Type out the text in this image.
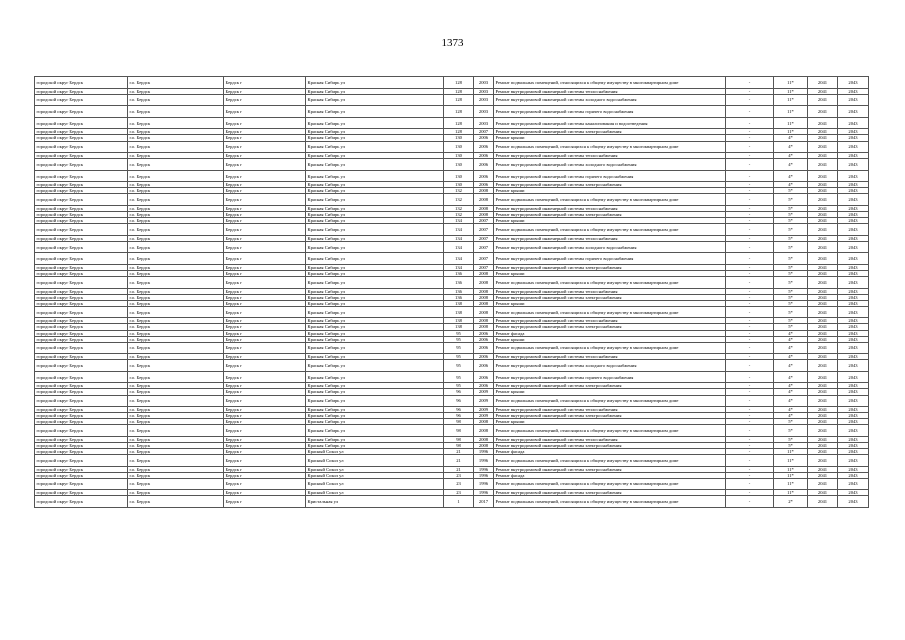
1373
городской округ Бердск	г.о. Бердск	Бердск г	Красная Сибирь ул	128	2003	Ремонт подвальных помещений, относящихся к общему имуществу в многоквартирном доме	-	11*	2041	2043
городской округ Бердск	г.о. Бердск	Бердск г	Красная Сибирь ул	128	2003	Ремонт внутридомовой инженерной системы теплоснабжения	-	11*	2041	2043
городской округ Бердск	г.о. Бердск	Бердск г	Красная Сибирь ул	128	2003	Ремонт внутридомовой инженерной системы холодного водоснабжения	-	11*	2041	2043
городской округ Бердск	г.о. Бердск	Бердск г	Красная Сибирь ул	128	2003	Ремонт внутридомовой инженерной системы горячего водоснабжения	-	11*	2041	2043
городской округ Бердск	г.о. Бердск	Бердск г	Красная Сибирь ул	128	2003	Ремонт внутридомовой инженерной системы канализования и водоотведения	-	11*	2041	2043
городской округ Бердск	г.о. Бердск	Бердск г	Красная Сибирь ул	128	2007	Ремонт внутридомовой инженерной системы электроснабжения	-	11*	2041	2043
городской округ Бердск	г.о. Бердск	Бердск г	Красная Сибирь ул	130	2006	Ремонт крыши	-	4*	2041	2043
городской округ Бердск	г.о. Бердск	Бердск г	Красная Сибирь ул	130	2006	Ремонт подвальных помещений, относящихся к общему имуществу в многоквартирном доме	-	4*	2041	2043
городской округ Бердск	г.о. Бердск	Бердск г	Красная Сибирь ул	130	2006	Ремонт внутридомовой инженерной системы теплоснабжения	-	4*	2041	2043
городской округ Бердск	г.о. Бердск	Бердск г	Красная Сибирь ул	130	2006	Ремонт внутридомовой инженерной системы холодного водоснабжения	-	4*	2041	2043
городской округ Бердск	г.о. Бердск	Бердск г	Красная Сибирь ул	130	2006	Ремонт внутридомовой инженерной системы горячего водоснабжения	-	4*	2041	2043
городской округ Бердск	г.о. Бердск	Бердск г	Красная Сибирь ул	130	2006	Ремонт внутридомовой инженерной системы электроснабжения	-	4*	2041	2043
городской округ Бердск	г.о. Бердск	Бердск г	Красная Сибирь ул	132	2008	Ремонт крыши	-	5*	2041	2043
городской округ Бердск	г.о. Бердск	Бердск г	Красная Сибирь ул	132	2008	Ремонт подвальных помещений, относящихся к общему имуществу в многоквартирном доме	-	5*	2041	2043
городской округ Бердск	г.о. Бердск	Бердск г	Красная Сибирь ул	132	2008	Ремонт внутридомовой инженерной системы теплоснабжения	-	5*	2041	2043
городской округ Бердск	г.о. Бердск	Бердск г	Красная Сибирь ул	132	2008	Ремонт внутридомовой инженерной системы электроснабжения	-	5*	2041	2043
городской округ Бердск	г.о. Бердск	Бердск г	Красная Сибирь ул	134	2007	Ремонт крыши	-	5*	2041	2043
городской округ Бердск	г.о. Бердск	Бердск г	Красная Сибирь ул	134	2007	Ремонт подвальных помещений, относящихся к общему имуществу в многоквартирном доме	-	5*	2041	2043
городской округ Бердск	г.о. Бердск	Бердск г	Красная Сибирь ул	134	2007	Ремонт внутридомовой инженерной системы теплоснабжения	-	5*	2041	2043
городской округ Бердск	г.о. Бердск	Бердск г	Красная Сибирь ул	134	2007	Ремонт внутридомовой инженерной системы холодного водоснабжения	-	5*	2041	2043
городской округ Бердск	г.о. Бердск	Бердск г	Красная Сибирь ул	134	2007	Ремонт внутридомовой инженерной системы горячего водоснабжения	-	5*	2041	2043
городской округ Бердск	г.о. Бердск	Бердск г	Красная Сибирь ул	134	2007	Ремонт внутридомовой инженерной системы электроснабжения	-	5*	2041	2043
городской округ Бердск	г.о. Бердск	Бердск г	Красная Сибирь ул	136	2008	Ремонт крыши	-	5*	2041	2043
городской округ Бердск	г.о. Бердск	Бердск г	Красная Сибирь ул	136	2008	Ремонт подвальных помещений, относящихся к общему имуществу в многоквартирном доме	-	5*	2041	2043
городской округ Бердск	г.о. Бердск	Бердск г	Красная Сибирь ул	136	2008	Ремонт внутридомовой инженерной системы теплоснабжения	-	5*	2041	2043
городской округ Бердск	г.о. Бердск	Бердск г	Красная Сибирь ул	136	2008	Ремонт внутридомовой инженерной системы электроснабжения	-	5*	2041	2043
городской округ Бердск	г.о. Бердск	Бердск г	Красная Сибирь ул	138	2008	Ремонт крыши	-	5*	2041	2043
городской округ Бердск	г.о. Бердск	Бердск г	Красная Сибирь ул	138	2008	Ремонт подвальных помещений, относящихся к общему имуществу в многоквартирном доме	-	5*	2041	2043
городской округ Бердск	г.о. Бердск	Бердск г	Красная Сибирь ул	138	2008	Ремонт внутридомовой инженерной системы теплоснабжения	-	5*	2041	2043
городской округ Бердск	г.о. Бердск	Бердск г	Красная Сибирь ул	138	2008	Ремонт внутридомовой инженерной системы электроснабжения	-	5*	2041	2043
городской округ Бердск	г.о. Бердск	Бердск г	Красная Сибирь ул	95	2006	Ремонт фасада	-	4*	2041	2043
городской округ Бердск	г.о. Бердск	Бердск г	Красная Сибирь ул	95	2006	Ремонт крыши	-	4*	2041	2043
городской округ Бердск	г.о. Бердск	Бердск г	Красная Сибирь ул	95	2006	Ремонт подвальных помещений, относящихся к общему имуществу в многоквартирном доме	-	4*	2041	2043
городской округ Бердск	г.о. Бердск	Бердск г	Красная Сибирь ул	95	2006	Ремонт внутридомовой инженерной системы теплоснабжения	-	4*	2041	2043
городской округ Бердск	г.о. Бердск	Бердск г	Красная Сибирь ул	95	2006	Ремонт внутридомовой инженерной системы холодного водоснабжения	-	4*	2041	2043
городской округ Бердск	г.о. Бердск	Бердск г	Красная Сибирь ул	95	2006	Ремонт внутридомовой инженерной системы горячего водоснабжения	-	4*	2041	2043
городской округ Бердск	г.о. Бердск	Бердск г	Красная Сибирь ул	95	2006	Ремонт внутридомовой инженерной системы электроснабжения	-	4*	2041	2043
городской округ Бердск	г.о. Бердск	Бердск г	Красная Сибирь ул	96	2009	Ремонт крыши	-	4*	2041	2043
городской округ Бердск	г.о. Бердск	Бердск г	Красная Сибирь ул	96	2009	Ремонт подвальных помещений, относящихся к общему имуществу в многоквартирном доме	-	4*	2041	2043
городской округ Бердск	г.о. Бердск	Бердск г	Красная Сибирь ул	96	2009	Ремонт внутридомовой инженерной системы теплоснабжения	-	4*	2041	2043
городской округ Бердск	г.о. Бердск	Бердск г	Красная Сибирь ул	96	2009	Ремонт внутридомовой инженерной системы электроснабжения	-	4*	2041	2043
городской округ Бердск	г.о. Бердск	Бердск г	Красная Сибирь ул	98	2008	Ремонт крыши	-	5*	2041	2043
городской округ Бердск	г.о. Бердск	Бердск г	Красная Сибирь ул	98	2008	Ремонт подвальных помещений, относящихся к общему имуществу в многоквартирном доме	-	5*	2041	2043
городской округ Бердск	г.о. Бердск	Бердск г	Красная Сибирь ул	98	2008	Ремонт внутридомовой инженерной системы теплоснабжения	-	5*	2041	2043
городской округ Бердск	г.о. Бердск	Бердск г	Красная Сибирь ул	98	2008	Ремонт внутридомовой инженерной системы электроснабжения	-	5*	2041	2043
городской округ Бердск	г.о. Бердск	Бердск г	Красный Сокол ул	21	1996	Ремонт фасада	-	11*	2041	2043
городской округ Бердск	г.о. Бердск	Бердск г	Красный Сокол ул	21	1996	Ремонт подвальных помещений, относящихся к общему имуществу в многоквартирном доме	-	11*	2041	2043
городской округ Бердск	г.о. Бердск	Бердск г	Красный Сокол ул	21	1996	Ремонт внутридомовой инженерной системы электроснабжения	-	11*	2041	2043
городской округ Бердск	г.о. Бердск	Бердск г	Красный Сокол ул	23	1996	Ремонт фасада	-	11*	2041	2043
городской округ Бердск	г.о. Бердск	Бердск г	Красный Сокол ул	23	1996	Ремонт подвальных помещений, относящихся к общему имуществу в многоквартирном доме	-	11*	2041	2043
городской округ Бердск	г.о. Бердск	Бердск г	Красный Сокол ул	23	1996	Ремонт внутридомовой инженерной системы электроснабжения	-	11*	2041	2043
городской округ Бердск	г.о. Бердск	Бердск г	Кристальная ул	1	2017	Ремонт подвальных помещений, относящихся к общему имуществу в многоквартирном доме	-	2*	2041	2043
